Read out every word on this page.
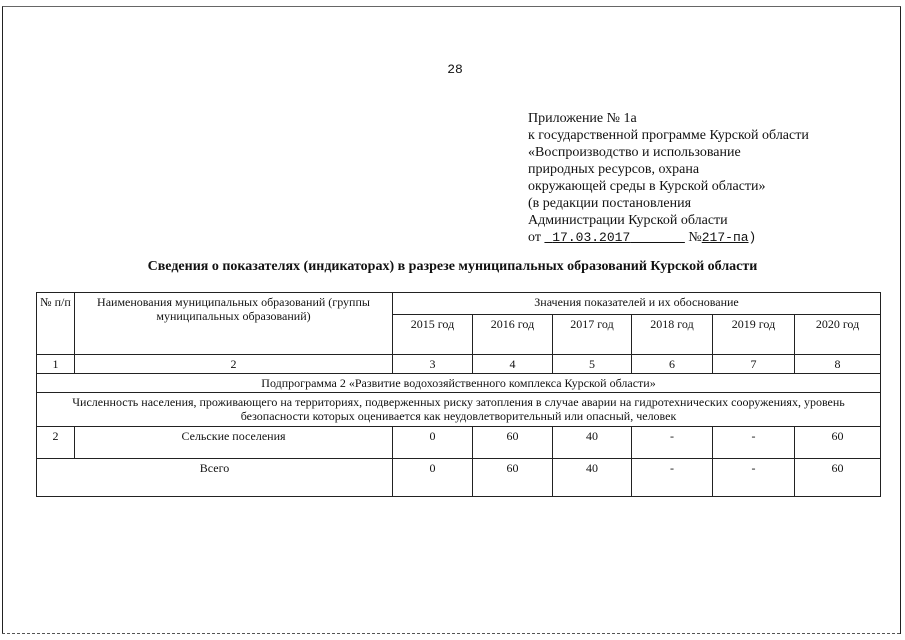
28
Приложение № 1а
к государственной программе Курской области
«Воспроизводство и использование
природных ресурсов, охрана
окружающей среды в Курской области»
(в редакции постановления
Администрации Курской области
от 17.03.2017	№217-па)
Сведения о показателях (индикаторах) в разрезе муниципальных образований Курской области
№ п/п	Наименования муниципальных образований (группы муниципальных образований)	Значения показателей и их обоснование					
		2015 год	2016 год	2017 год	2018 год	2019 год	2020 год
1	2	3	4	5	6	7	8
Подпрограмма 2 «Развитие водохозяйственного комплекса Курской области»							
Численность населения, проживающего на территориях, подверженных риску затопления в случае аварии на гидротехнических сооружениях, уровень безопасности которых оценивается как неудовлетворительный или опасный, человек							
2	Сельские поселения	0	60	40	-	-	60
Всего		0	60	40	-	-	60
